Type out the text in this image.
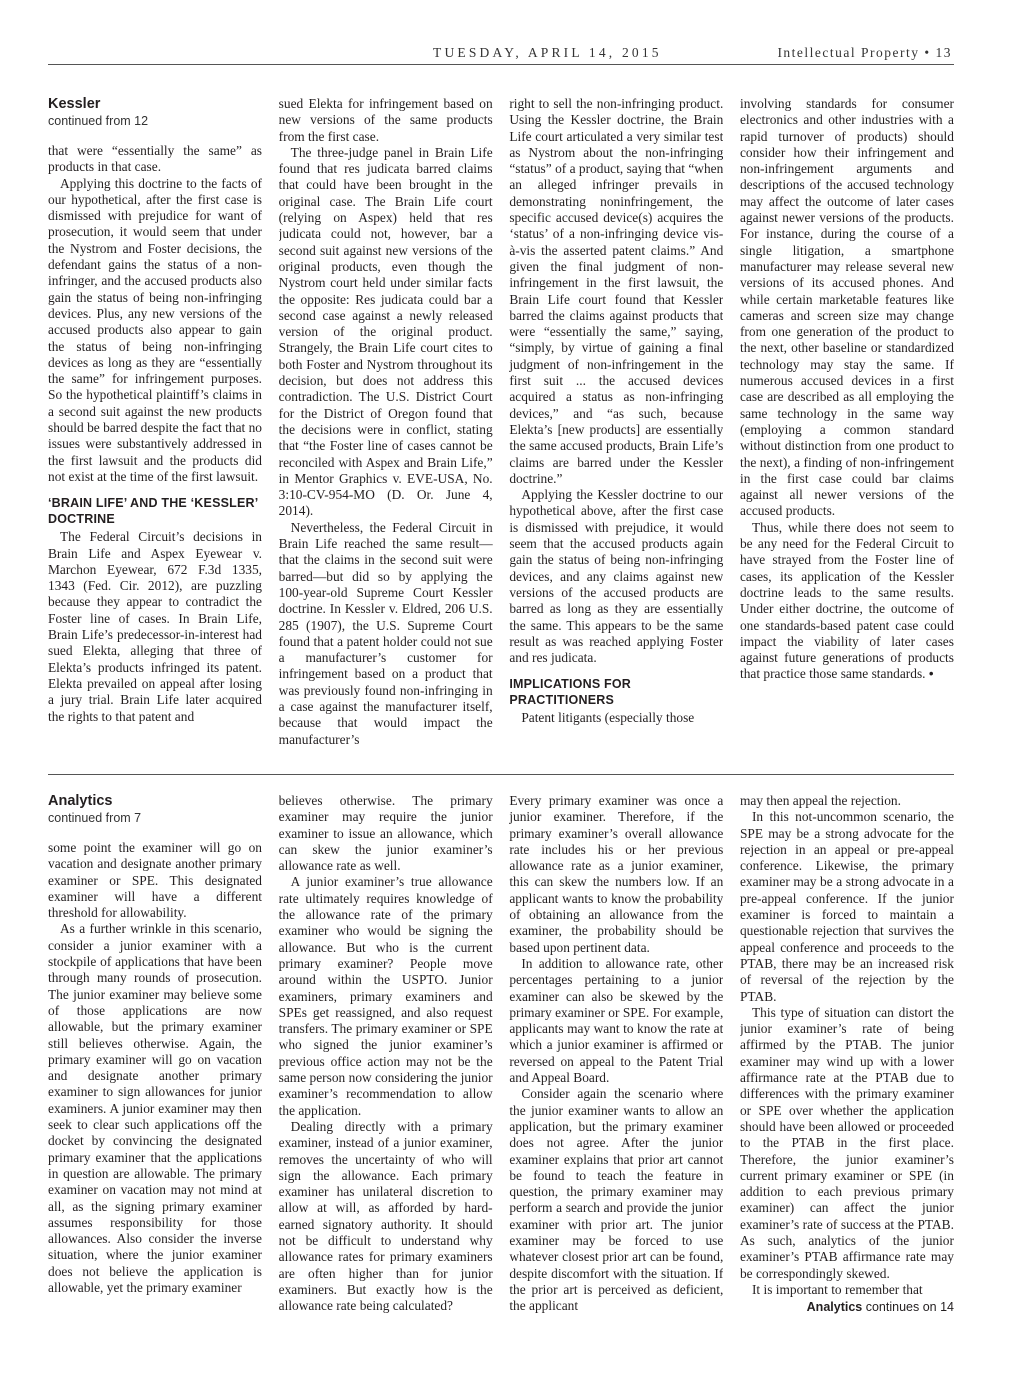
TUESDAY, APRIL 14, 2015	Intellectual Property • 13
Kessler
continued from 12

that were “essentially the same” as products in that case.

Applying this doctrine to the facts of our hypothetical, after the first case is dismissed with prejudice for want of prosecution, it would seem that under the Nystrom and Foster decisions, the defendant gains the status of a non-infringer, and the accused products also gain the status of being non-infringing devices. Plus, any new versions of the accused products also appear to gain the status of being non-infringing devices as long as they are “essentially the same” for infringement purposes. So the hypothetical plaintiff’s claims in a second suit against the new products should be barred despite the fact that no issues were substantively addressed in the first lawsuit and the products did not exist at the time of the first lawsuit.

‘BRAIN LIFE’ AND THE ‘KESSLER’ DOCTRINE

The Federal Circuit’s decisions in Brain Life and Aspex Eyewear v. Marchon Eyewear, 672 F.3d 1335, 1343 (Fed. Cir. 2012), are puzzling because they appear to contradict the Foster line of cases. In Brain Life, Brain Life’s predecessor-in-interest had sued Elekta, alleging that three of Elekta’s products infringed its patent. Elekta prevailed on appeal after losing a jury trial. Brain Life later acquired the rights to that patent and

sued Elekta for infringement based on new versions of the same products from the first case.

The three-judge panel in Brain Life found that res judicata barred claims that could have been brought in the original case. The Brain Life court (relying on Aspex) held that res judicata could not, however, bar a second suit against new versions of the original products, even though the Nystrom court held under similar facts the opposite: Res judicata could bar a second case against a newly released version of the original product. Strangely, the Brain Life court cites to both Foster and Nystrom throughout its decision, but does not address this contradiction. The U.S. District Court for the District of Oregon found that the decisions were in conflict, stating that “the Foster line of cases cannot be reconciled with Aspex and Brain Life,” in Mentor Graphics v. EVE-USA, No. 3:10-CV-954-MO (D. Or. June 4, 2014).

Nevertheless, the Federal Circuit in Brain Life reached the same result—that the claims in the second suit were barred—but did so by applying the 100-year-old Supreme Court Kessler doctrine. In Kessler v. Eldred, 206 U.S. 285 (1907), the U.S. Supreme Court found that a patent holder could not sue a manufacturer’s customer for infringement based on a product that was previously found non-infringing in a case against the manufacturer itself, because that would impact the manufacturer’s

right to sell the non-infringing product. Using the Kessler doctrine, the Brain Life court articulated a very similar test as Nystrom about the non-infringing “status” of a product, saying that “when an alleged infringer prevails in demonstrating noninfringement, the specific accused device(s) acquires the ‘status’ of a non-infringing device vis-à-vis the asserted patent claims.” And given the final judgment of non-infringement in the first lawsuit, the Brain Life court found that Kessler barred the claims against products that were “essentially the same,” saying, “simply, by virtue of gaining a final judgment of non-infringement in the first suit ... the accused devices acquired a status as non-infringing devices,” and “as such, because Elekta’s [new products] are essentially the same accused products, Brain Life’s claims are barred under the Kessler doctrine.”

Applying the Kessler doctrine to our hypothetical above, after the first case is dismissed with prejudice, it would seem that the accused products again gain the status of being non-infringing devices, and any claims against new versions of the accused products are barred as long as they are essentially the same. This appears to be the same result as was reached applying Foster and res judicata.

IMPLICATIONS FOR PRACTITIONERS

Patent litigants (especially those

involving standards for consumer electronics and other industries with a rapid turnover of products) should consider how their infringement and non-infringement arguments and descriptions of the accused technology may affect the outcome of later cases against newer versions of the products. For instance, during the course of a single litigation, a smartphone manufacturer may release several new versions of its accused phones. And while certain marketable features like cameras and screen size may change from one generation of the product to the next, other baseline or standardized technology may stay the same. If numerous accused devices in a first case are described as all employing the same technology in the same way (employing a common standard without distinction from one product to the next), a finding of non-infringement in the first case could bar claims against all newer versions of the accused products.

Thus, while there does not seem to be any need for the Federal Circuit to have strayed from the Foster line of cases, its application of the Kessler doctrine leads to the same results. Under either doctrine, the outcome of one standards-based patent case could impact the viability of later cases against future generations of products that practice those same standards. •

Analytics
continued from 7

some point the examiner will go on vacation and designate another primary examiner or SPE. This designated examiner will have a different threshold for allowability.

As a further wrinkle in this scenario, consider a junior examiner with a stockpile of applications that have been through many rounds of prosecution. The junior examiner may believe some of those applications are now allowable, but the primary examiner still believes otherwise. Again, the primary examiner will go on vacation and designate another primary examiner to sign allowances for junior examiners. A junior examiner may then seek to clear such applications off the docket by convincing the designated primary examiner that the applications in question are allowable. The primary examiner on vacation may not mind at all, as the signing primary examiner assumes responsibility for those allowances. Also consider the inverse situation, where the junior examiner does not believe the application is allowable, yet the primary examiner

believes otherwise. The primary examiner may require the junior examiner to issue an allowance, which can skew the junior examiner’s allowance rate as well.

A junior examiner’s true allowance rate ultimately requires knowledge of the allowance rate of the primary examiner who would be signing the allowance. But who is the current primary examiner? People move around within the USPTO. Junior examiners, primary examiners and SPEs get reassigned, and also request transfers. The primary examiner or SPE who signed the junior examiner’s previous office action may not be the same person now considering the junior examiner’s recommendation to allow the application.

Dealing directly with a primary examiner, instead of a junior examiner, removes the uncertainty of who will sign the allowance. Each primary examiner has unilateral discretion to allow at will, as afforded by hard-earned signatory authority. It should not be difficult to understand why allowance rates for primary examiners are often higher than for junior examiners. But exactly how is the allowance rate being calculated?

Every primary examiner was once a junior examiner. Therefore, if the primary examiner’s overall allowance rate includes his or her previous allowance rate as a junior examiner, this can skew the numbers low. If an applicant wants to know the probability of obtaining an allowance from the examiner, the probability should be based upon pertinent data.

In addition to allowance rate, other percentages pertaining to a junior examiner can also be skewed by the primary examiner or SPE. For example, applicants may want to know the rate at which a junior examiner is affirmed or reversed on appeal to the Patent Trial and Appeal Board.

Consider again the scenario where the junior examiner wants to allow an application, but the primary examiner does not agree. After the junior examiner explains that prior art cannot be found to teach the feature in question, the primary examiner may perform a search and provide the junior examiner with prior art. The junior examiner may be forced to use whatever closest prior art can be found, despite discomfort with the situation. If the prior art is perceived as deficient, the applicant

may then appeal the rejection.

In this not-uncommon scenario, the SPE may be a strong advocate for the rejection in an appeal or pre-appeal conference. Likewise, the primary examiner may be a strong advocate in a pre-appeal conference. If the junior examiner is forced to maintain a questionable rejection that survives the appeal conference and proceeds to the PTAB, there may be an increased risk of reversal of the rejection by the PTAB.

This type of situation can distort the junior examiner’s rate of being affirmed by the PTAB. The junior examiner may wind up with a lower affirmance rate at the PTAB due to differences with the primary examiner or SPE over whether the application should have been allowed or proceeded to the PTAB in the first place. Therefore, the junior examiner’s current primary examiner or SPE (in addition to each previous primary examiner) can affect the junior examiner’s rate of success at the PTAB. As such, analytics of the junior examiner’s PTAB affirmance rate may be correspondingly skewed.

It is important to remember that

Analytics continues on 14
